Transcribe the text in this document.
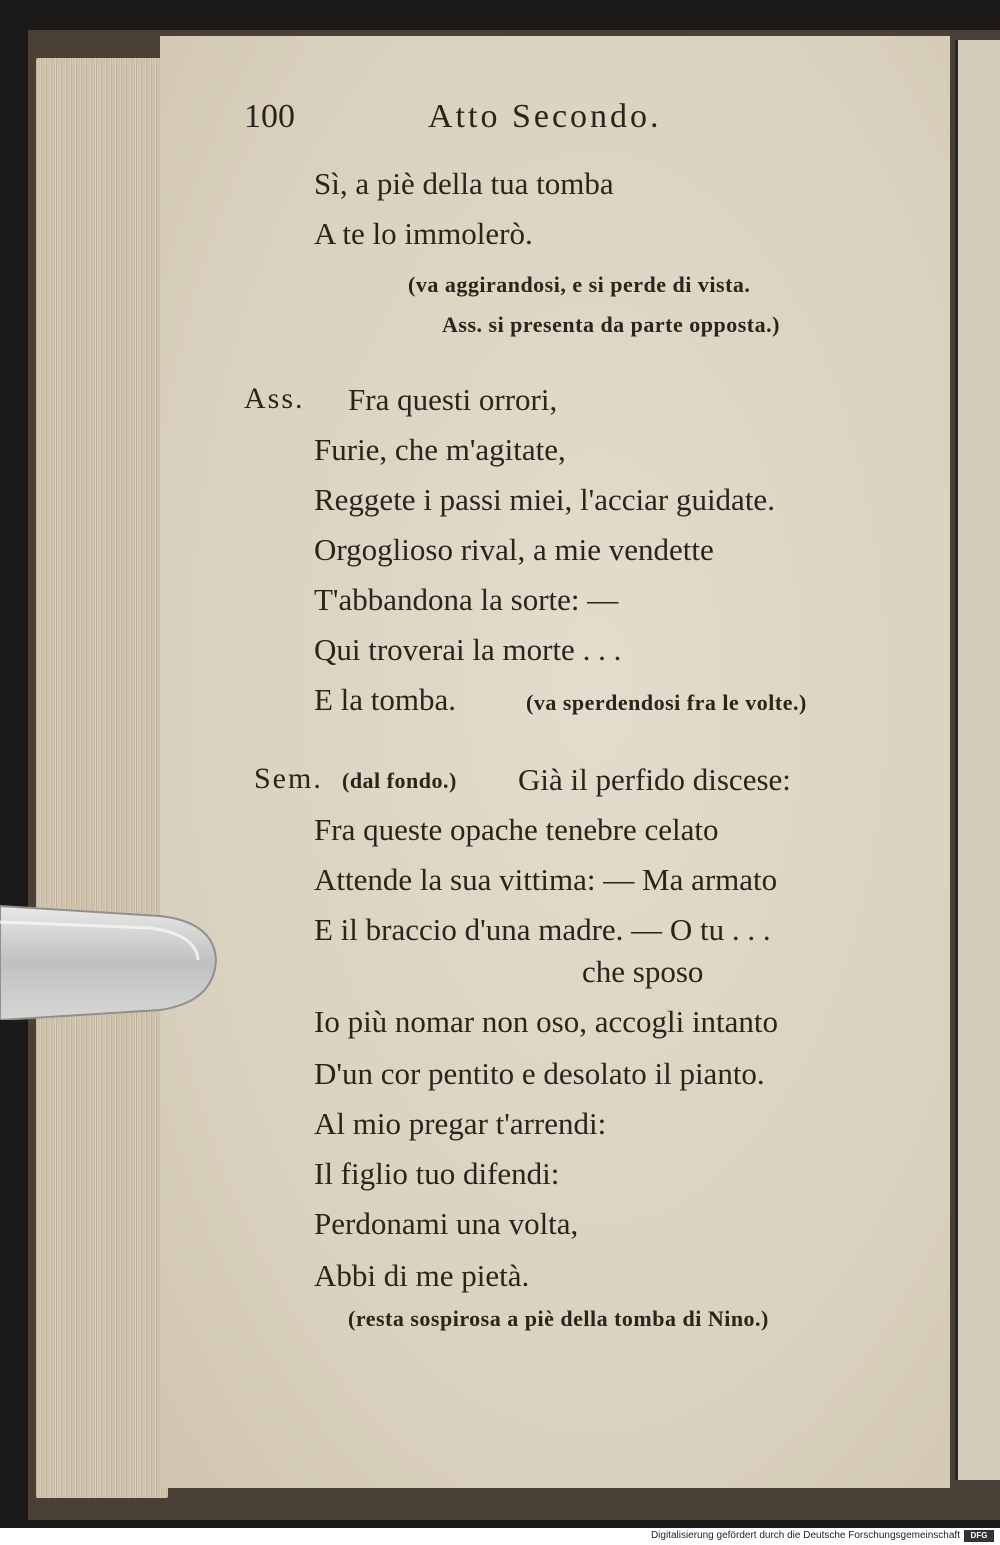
100	Atto Secondo.
Sì, a piè della tua tomba
A te lo immolerò.
(va aggirandosi, e si perde di vista.
Ass. si presenta da parte opposta.)
Ass. Fra questi orrori,
Furie, che m'agitate,
Reggete i passi miei, l'acciar guidate.
Orgoglioso rival, a mie vendette
T'abbandona la sorte: —
Qui troverai la morte . . .
E la tomba.	(va sperdendosi fra le volte.)
Sem. (dal fondo.) Già il perfido discese:
Fra queste opache tenebre celato
Attende la sua vittima: — Ma armato
E il braccio d'una madre. — O tu . . .
che sposo
Io più nomar non oso, accogli intanto
D'un cor pentito e desolato il pianto.
Al mio pregar t'arrendi:
Il figlio tuo difendi:
Perdonami una volta,
Abbi di me pietà.
(resta sospirosa a piè della tomba di Nino.)
Digitalisierung gefördert durch die Deutsche Forschungsgemeinschaft	DFG
